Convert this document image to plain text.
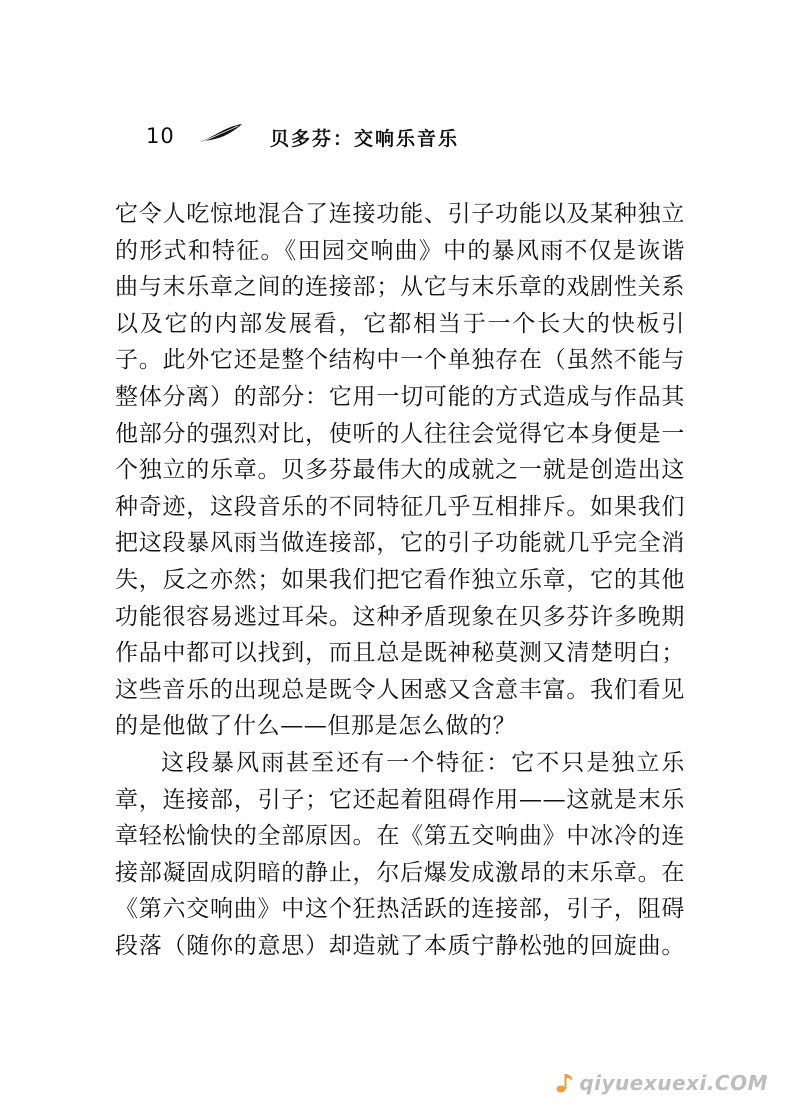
10	贝多芬：交响乐音乐
它令人吃惊地混合了连接功能、引子功能以及某种独立
的形式和特征。《田园交响曲》中的暴风雨不仅是诙谐
曲与末乐章之间的连接部；从它与末乐章的戏剧性关系
以及它的内部发展看，它都相当于一个长大的快板引
子。此外它还是整个结构中一个单独存在（虽然不能与
整体分离）的部分：它用一切可能的方式造成与作品其
他部分的强烈对比，使听的人往往会觉得它本身便是一
个独立的乐章。贝多芬最伟大的成就之一就是创造出这
种奇迹，这段音乐的不同特征几乎互相排斥。如果我们
把这段暴风雨当做连接部，它的引子功能就几乎完全消
失，反之亦然；如果我们把它看作独立乐章，它的其他
功能很容易逃过耳朵。这种矛盾现象在贝多芬许多晚期
作品中都可以找到，而且总是既神秘莫测又清楚明白；
这些音乐的出现总是既令人困惑又含意丰富。我们看见
的是他做了什么——但那是怎么做的？
这段暴风雨甚至还有一个特征：它不只是独立乐
章，连接部，引子；它还起着阻碍作用——这就是末乐
章轻松愉快的全部原因。在《第五交响曲》中冰冷的连
接部凝固成阴暗的静止，尔后爆发成激昂的末乐章。在
《第六交响曲》中这个狂热活跃的连接部，引子，阻碍
段落（随你的意思）却造就了本质宁静松弛的回旋曲。
qiyuexuexi.COM
